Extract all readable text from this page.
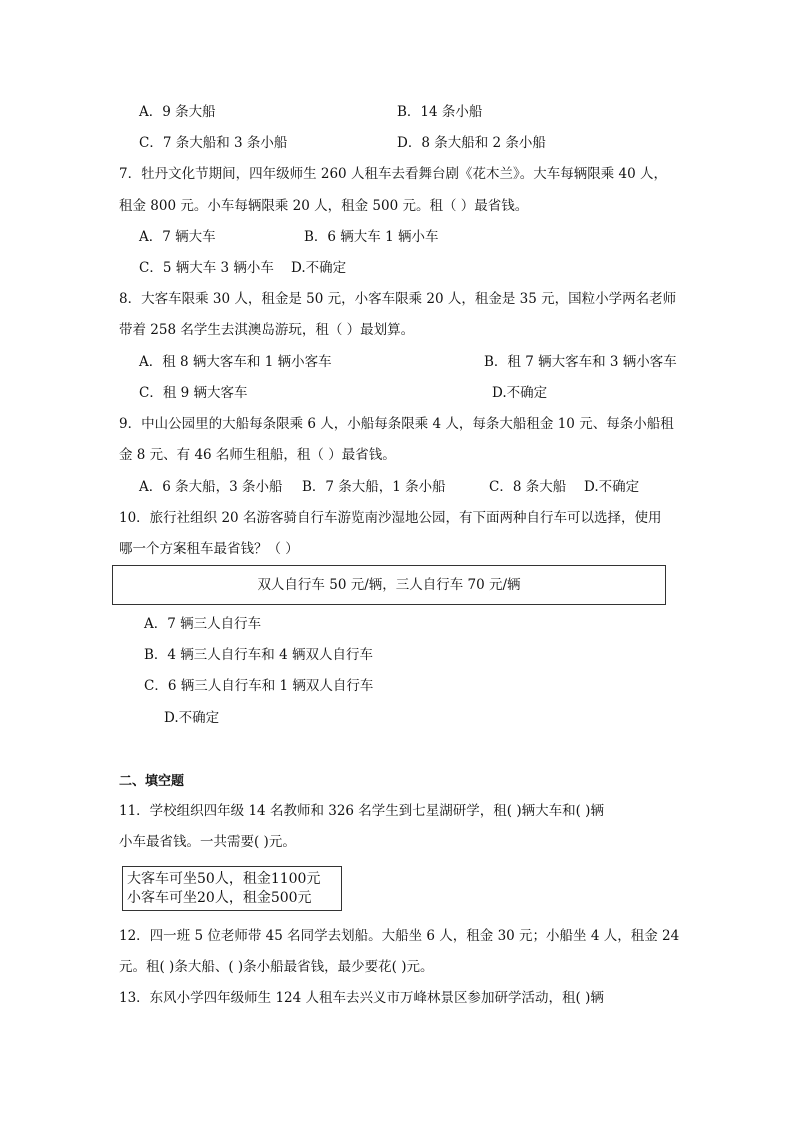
A．9 条大船	B．14 条小船
C．7 条大船和 3 条小船	D．8 条大船和 2 条小船
7．牡丹文化节期间，四年级师生 260 人租车去看舞台剧《花木兰》。大车每辆限乘 40 人，
租金 800 元。小车每辆限乘 20 人，租金 500 元。租（ ）最省钱。
A．7 辆大车	B．6 辆大车 1 辆小车
C．5 辆大车 3 辆小车 D.不确定
8．大客车限乘 30 人，租金是 50 元，小客车限乘 20 人，租金是 35 元，国粒小学两名老师
带着 258 名学生去淇澳岛游玩，租（ ）最划算。
A．租 8 辆大客车和 1 辆小客车	B．租 7 辆大客车和 3 辆小客车
C．租 9 辆大客车	D.不确定
9．中山公园里的大船每条限乘 6 人，小船每条限乘 4 人，每条大船租金 10 元、每条小船租
金 8 元、有 46 名师生租船，租（ ）最省钱。
A．6 条大船，3 条小船 B．7 条大船，1 条小船	C．8 条大船 D.不确定
10．旅行社组织 20 名游客骑自行车游览南沙湿地公园，有下面两种自行车可以选择，使用
哪一个方案租车最省钱？（ ）
双人自行车 50 元/辆，三人自行车 70 元/辆
A．7 辆三人自行车
B．4 辆三人自行车和 4 辆双人自行车
C．6 辆三人自行车和 1 辆双人自行车
D.不确定
二、填空题
11．学校组织四年级 14 名教师和 326 名学生到七星湖研学，租( )辆大车和( )辆
小车最省钱。一共需要( )元。
大客车可坐50人，租金1100元
小客车可坐20人，租金500元
12．四一班 5 位老师带 45 名同学去划船。大船坐 6 人，租金 30 元；小船坐 4 人，租金 24
元。租( )条大船、( )条小船最省钱，最少要花( )元。
13．东风小学四年级师生 124 人租车去兴义市万峰林景区参加研学活动，租( )辆
